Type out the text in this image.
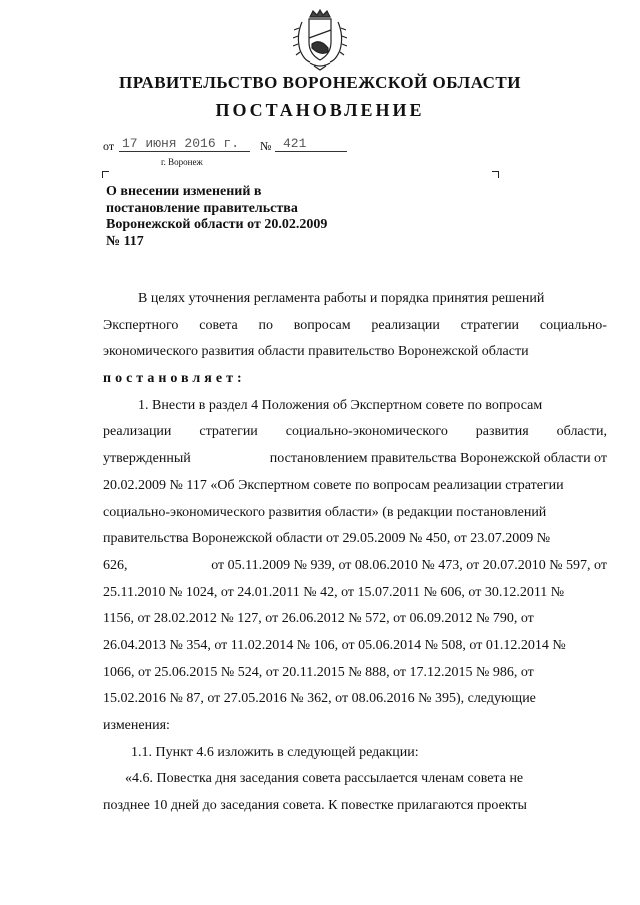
ПРАВИТЕЛЬСТВО ВОРОНЕЖСКОЙ ОБЛАСТИ
ПОСТАНОВЛЕНИЕ
от 17 июня 2016 г. № 421
г. Воронеж
О внесении изменений в
постановление правительства
Воронежской области от 20.02.2009
№ 117
В целях уточнения регламента работы и порядка принятия решений
Экспертного совета по вопросам реализации стратегии социально-
экономического развития области правительство Воронежской области
постановляет:
1. Внести в раздел 4 Положения об Экспертном совете по вопросам
реализации стратегии социально-экономического развития области,
утвержденный	постановлением правительства Воронежской области от
20.02.2009 № 117 «Об Экспертном совете по вопросам реализации стратегии
социально-экономического развития области» (в редакции постановлений
правительства Воронежской области от 29.05.2009 № 450, от 23.07.2009 №
626,	от 05.11.2009 № 939, от 08.06.2010 № 473, от 20.07.2010 № 597, от
25.11.2010 № 1024, от 24.01.2011 № 42, от 15.07.2011 № 606, от 30.12.2011 №
1156, от 28.02.2012 № 127, от 26.06.2012 № 572, от 06.09.2012 № 790, от
26.04.2013 № 354, от 11.02.2014 № 106, от 05.06.2014 № 508, от 01.12.2014 №
1066, от 25.06.2015 № 524, от 20.11.2015 № 888, от 17.12.2015 № 986, от
15.02.2016 № 87, от 27.05.2016 № 362, от 08.06.2016 № 395), следующие
изменения:
1.1. Пункт 4.6 изложить в следующей редакции:
«4.6. Повестка дня заседания совета рассылается членам совета не
позднее 10 дней до заседания совета. К повестке прилагаются проекты
